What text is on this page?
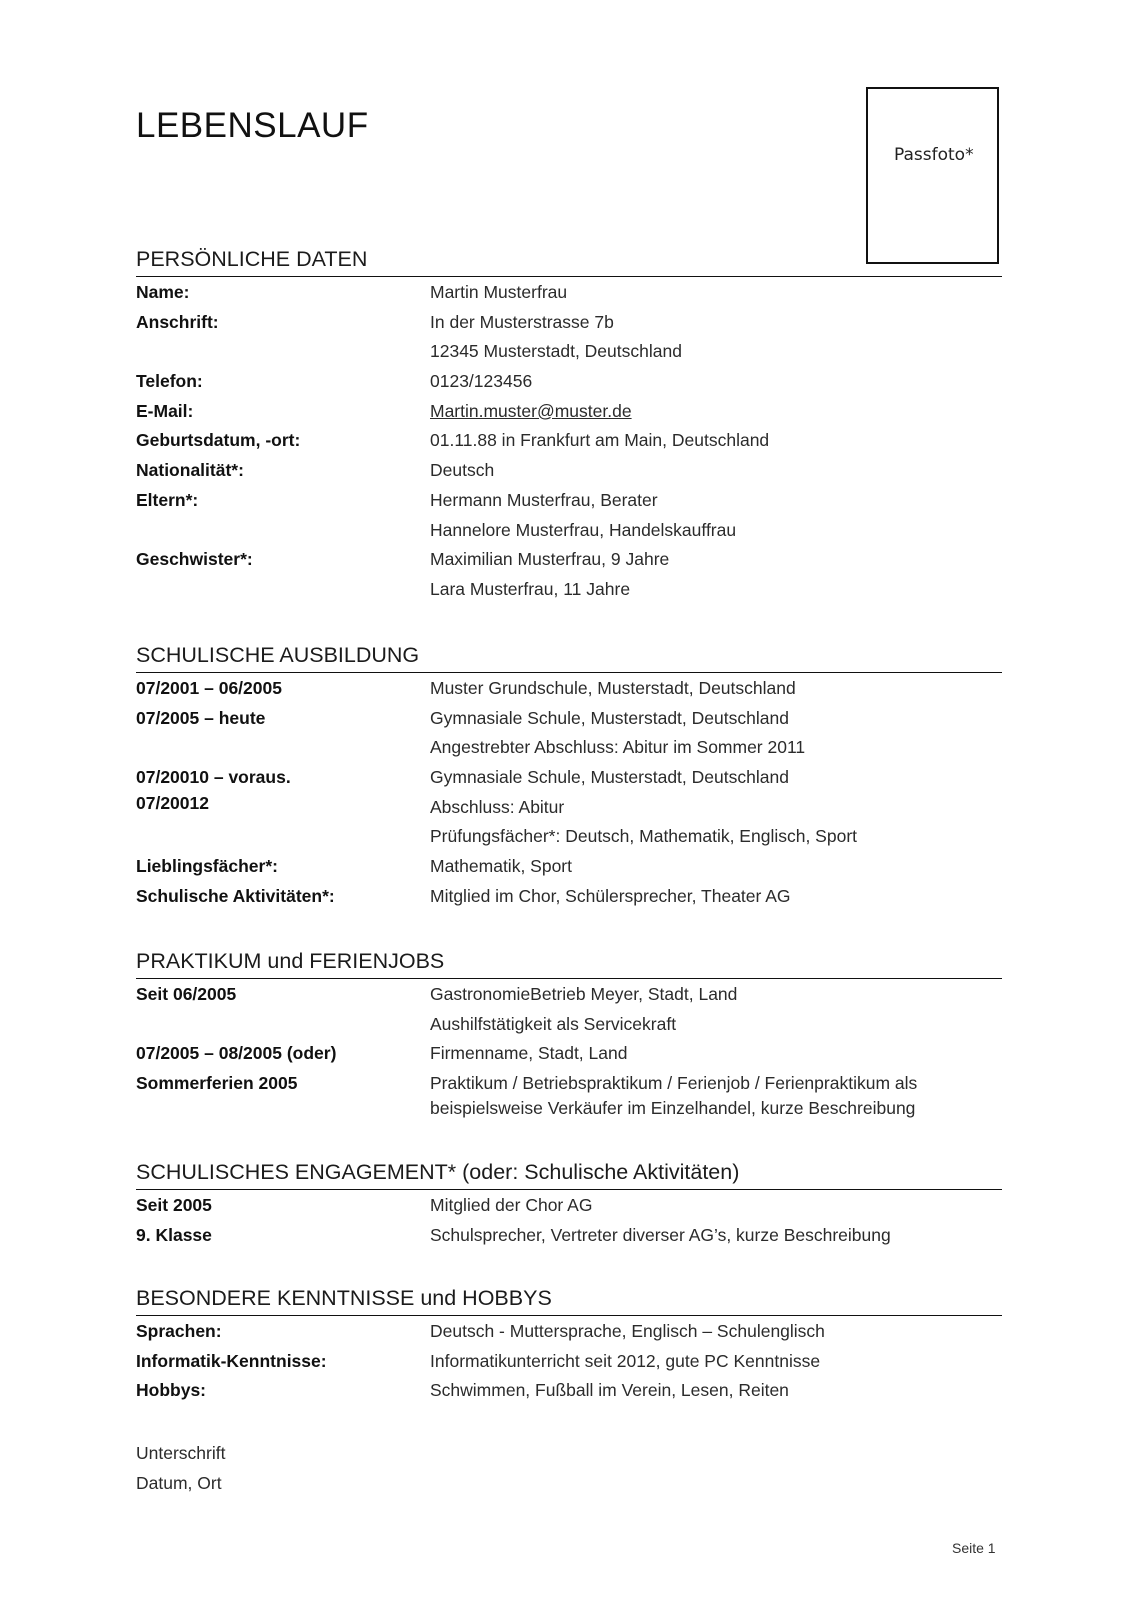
LEBENSLAUF
Passfoto*
PERSÖNLICHE DATEN
Name:	Martin Musterfrau
Anschrift:	In der Musterstrasse 7b
12345 Musterstadt, Deutschland
Telefon:	0123/123456
E-Mail:	Martin.muster@muster.de
Geburtsdatum, -ort:	01.11.88 in Frankfurt am Main, Deutschland
Nationalität*:	Deutsch
Eltern*:	Hermann Musterfrau, Berater
Hannelore Musterfrau, Handelskauffrau
Geschwister*:	Maximilian Musterfrau, 9 Jahre
Lara Musterfrau, 11 Jahre
SCHULISCHE AUSBILDUNG
07/2001 – 06/2005	Muster Grundschule, Musterstadt, Deutschland
07/2005 – heute	Gymnasiale Schule, Musterstadt, Deutschland
Angestrebter Abschluss: Abitur im Sommer 2011
07/20010 – voraus.	Gymnasiale Schule, Musterstadt, Deutschland
07/20012	Abschluss: Abitur
Prüfungsfächer*: Deutsch, Mathematik, Englisch, Sport
Lieblingsfächer*:	Mathematik, Sport
Schulische Aktivitäten*:	Mitglied im Chor, Schülersprecher, Theater AG
PRAKTIKUM und FERIENJOBS
Seit 06/2005	GastronomieBetrieb Meyer, Stadt, Land
Aushilfstätigkeit als Servicekraft
07/2005 – 08/2005 (oder)	Firmenname, Stadt, Land
Sommerferien 2005	Praktikum / Betriebspraktikum / Ferienjob / Ferienpraktikum als beispielsweise Verkäufer im Einzelhandel, kurze Beschreibung
SCHULISCHES ENGAGEMENT* (oder: Schulische Aktivitäten)
Seit 2005	Mitglied der Chor AG
9. Klasse	Schulsprecher, Vertreter diverser AG’s, kurze Beschreibung
BESONDERE KENNTNISSE und HOBBYS
Sprachen:	Deutsch - Muttersprache, Englisch – Schulenglisch
Informatik-Kenntnisse:	Informatikunterricht seit 2012, gute PC Kenntnisse
Hobbys:	Schwimmen, Fußball im Verein, Lesen, Reiten
Unterschrift
Datum, Ort
Seite 1
